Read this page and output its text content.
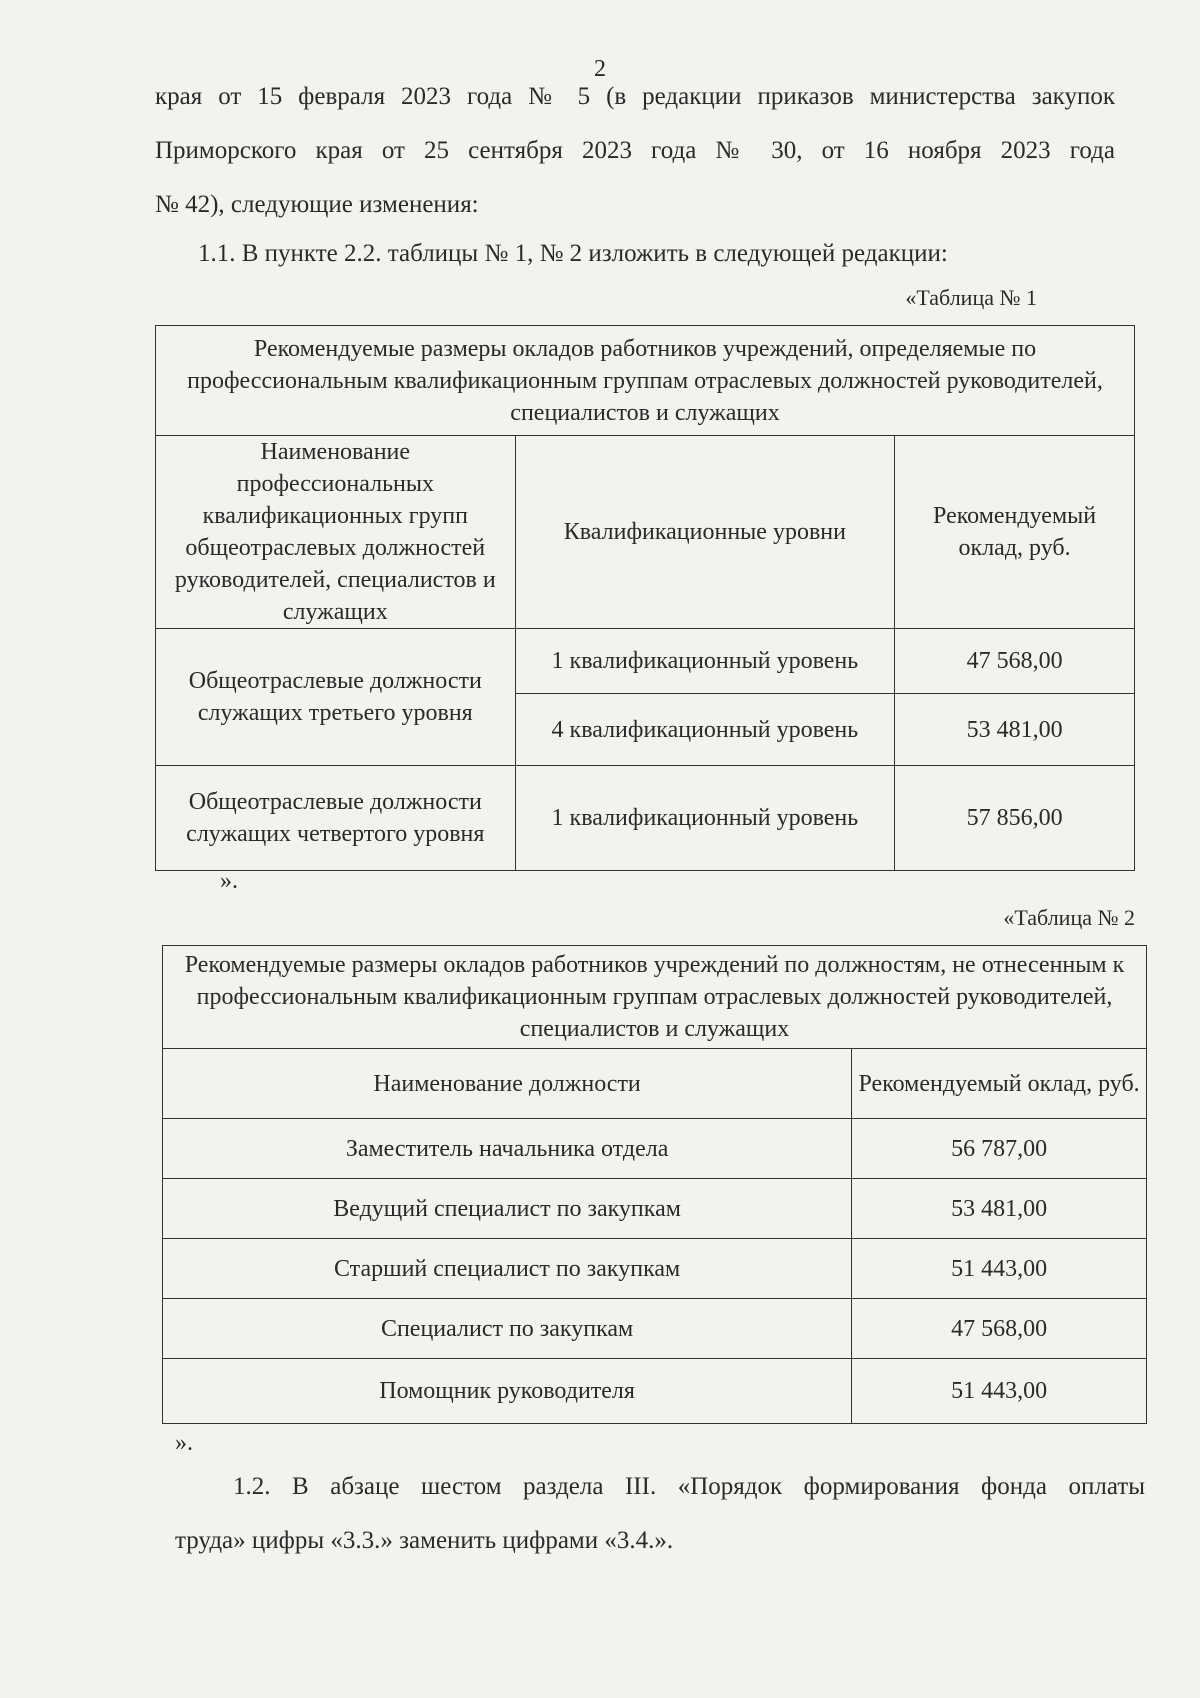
2
края от 15 февраля 2023 года № 5 (в редакции приказов министерства закупок
Приморского края от 25 сентября 2023 года № 30, от 16 ноября 2023 года
№ 42), следующие изменения:
1.1. В пункте 2.2. таблицы № 1, № 2 изложить в следующей редакции:
«Таблица № 1
Рекомендуемые размеры окладов работников учреждений, определяемые по профессиональным квалификационным группам отраслевых должностей руководителей, специалистов и служащих		
Наименование профессиональных квалификационных групп общеотраслевых должностей руководителей, специалистов и служащих	Квалификационные уровни	Рекомендуемый оклад, руб.
Общеотраслевые должности служащих третьего уровня	1 квалификационный уровень	47 568,00
	4 квалификационный уровень	53 481,00
Общеотраслевые должности служащих четвертого уровня	1 квалификационный уровень	57 856,00
».
«Таблица № 2
Рекомендуемые размеры окладов работников учреждений по должностям, не отнесенным к профессиональным квалификационным группам отраслевых должностей руководителей, специалистов и служащих	
Наименование должности	Рекомендуемый оклад, руб.
Заместитель начальника отдела	56 787,00
Ведущий специалист по закупкам	53 481,00
Старший специалист по закупкам	51 443,00
Специалист по закупкам	47 568,00
Помощник руководителя	51 443,00
».
1.2. В абзаце шестом раздела III. «Порядок формирования фонда оплаты
труда» цифры «3.3.» заменить цифрами «3.4.».
